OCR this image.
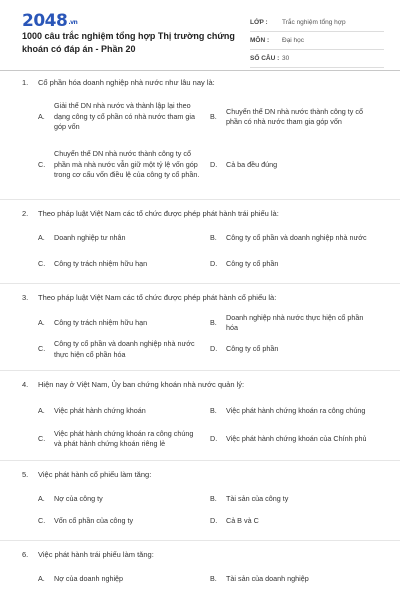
2048.vn
1000 câu trắc nghiệm tổng hợp Thị trường chứng khoán có đáp án - Phần 20
LỚP :	Trắc nghiệm tổng hợp
MÔN :	Đại học
SỐ CÂU : 30
1.	Cổ phần hóa doanh nghiệp nhà nước như lâu nay là:
A.
Giải thể DN nhà nước và thành lập lại theo dạng công ty cổ phần có nhà nước tham gia góp vốn
B.
Chuyển thể DN nhà nước thành công ty cổ phần có nhà nước tham gia góp vốn
C.
Chuyển thể DN nhà nước thành công ty cổ phần mà nhà nước vẫn giữ một tỷ lệ vốn góp trong cơ cấu vốn điều lệ của công ty cổ phần.
D.	Cả ba đều đúng
2.	Theo pháp luật Việt Nam các tổ chức được phép phát hành trái phiếu là:
A.	Doanh nghiệp tư nhân	B.	Công ty cổ phần và doanh nghiệp nhà nước
C.	Công ty trách nhiệm hữu hạn	D.	Công ty cổ phần
3.	Theo pháp luật Việt Nam các tổ chức được phép phát hành cổ phiếu là:
A.	Công ty trách nhiệm hữu hạn	B.
Doanh nghiệp nhà nước thực hiện cổ phần hóa
C.
Công ty cổ phần và doanh nghiệp nhà nước thực hiện cổ phần hóa
D.	Công ty cổ phần
4.	Hiện nay ở Việt Nam, Ủy ban chứng khoán nhà nước quản lý:
A.	Việc phát hành chứng khoán	B.	Việc phát hành chứng khoán ra công chúng
C.
Việc phát hành chứng khoán ra công chúng và phát hành chứng khoán riêng lẻ
D.	Việc phát hành chứng khoán của Chính phủ
5.	Việc phát hành cổ phiếu làm tăng:
A.	Nợ của công ty	B.	Tài sản của công ty
C.	Vốn cổ phần của công ty	D.	Cả B và C
6.	Việc phát hành trái phiếu làm tăng:
A.	Nợ của doanh nghiệp	B.	Tài sản của doanh nghiệp
